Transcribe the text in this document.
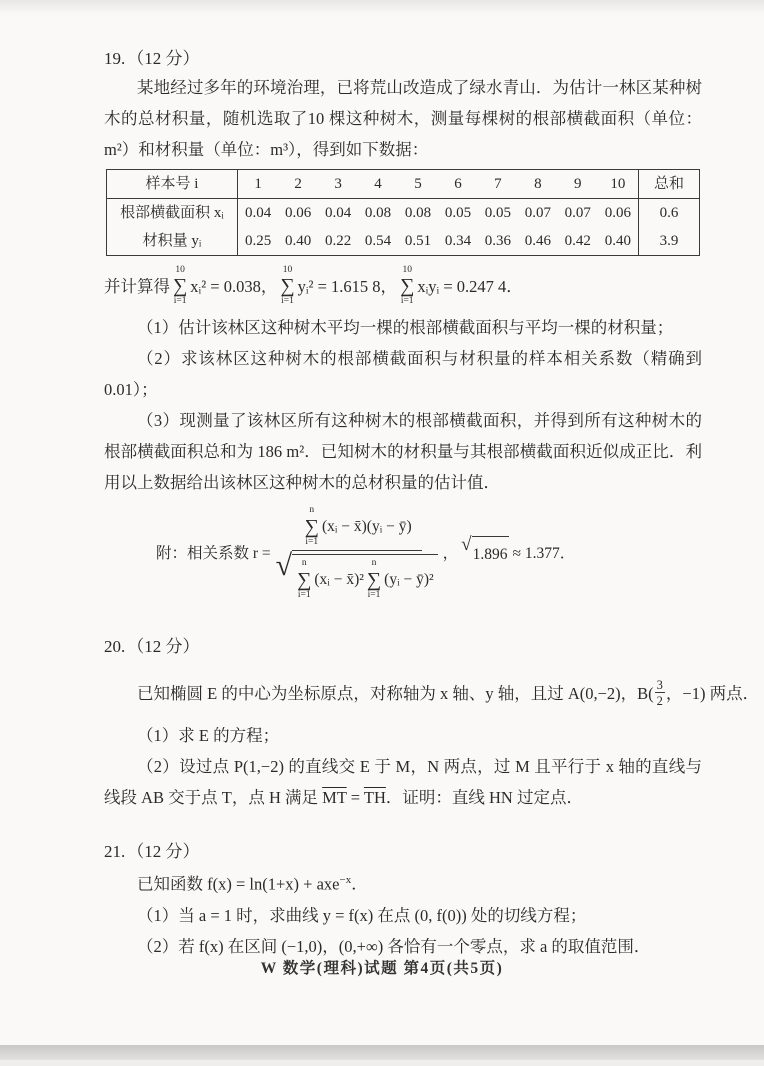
19. （12 分）

某地经过多年的环境治理，已将荒山改造成了绿水青山．为估计一林区某种树木的总材积量，随机选取了10 棵这种树木，测量每棵树的根部横截面积（单位：m²）和材积量（单位：m³），得到如下数据：

样本号 i	1	2	3	4	5	6	7	8	9	10	总和
根部横截面积 xᵢ	0.04	0.06	0.04	0.08	0.08	0.05	0.05	0.07	0.07	0.06	0.6
材积量 yᵢ	0.25	0.40	0.22	0.54	0.51	0.34	0.36	0.46	0.42	0.40	3.9
并计算得
10
∑
i=1
xᵢ² = 0.038，
10
∑
i=1
yᵢ² = 1.615 8，
10
∑
i=1
xᵢyᵢ = 0.247 4．

（1）估计该林区这种树木平均一棵的根部横截面积与平均一棵的材积量；

（2）求该林区这种树木的根部横截面积与材积量的样本相关系数（精确到 0.01）；

（3）现测量了该林区所有这种树木的根部横截面积，并得到所有这种树木的根部横截面积总和为 186 m²．已知树木的材积量与其根部横截面积近似成正比．利用以上数据给出该林区这种树木的总材积量的估计值．

附：相关系数 r =
n
∑
i=1
(xᵢ − x̄)(yᵢ − ȳ)
√ n
∑
i=1
(xᵢ − x̄)²
n
∑
i=1
(yᵢ − ȳ)²
， √ 1.896 ≈ 1.377．

20. （12 分）

已知椭圆 E 的中心为坐标原点，对称轴为 x 轴、y 轴，且过 A(0,−2)，B( 3
2 ，−1) 两点．

（1）求 E 的方程；

（2）设过点 P(1,−2) 的直线交 E 于 M，N 两点，过 M 且平行于 x 轴的直线与线段 AB 交于点 T，点 H 满足 $\overline{MT} = \overline{TH}$．证明：直线 HN 过定点．

21. （12 分）

已知函数 f(x) = ln(1+x) + axe$^{-x}$．

（1）当 a = 1 时，求曲线 y = f(x) 在点 (0, f(0)) 处的切线方程；

（2）若 f(x) 在区间 (−1,0)，(0,+∞) 各恰有一个零点，求 a 的取值范围．

W 数学(理科)试题 第4页(共5页)
